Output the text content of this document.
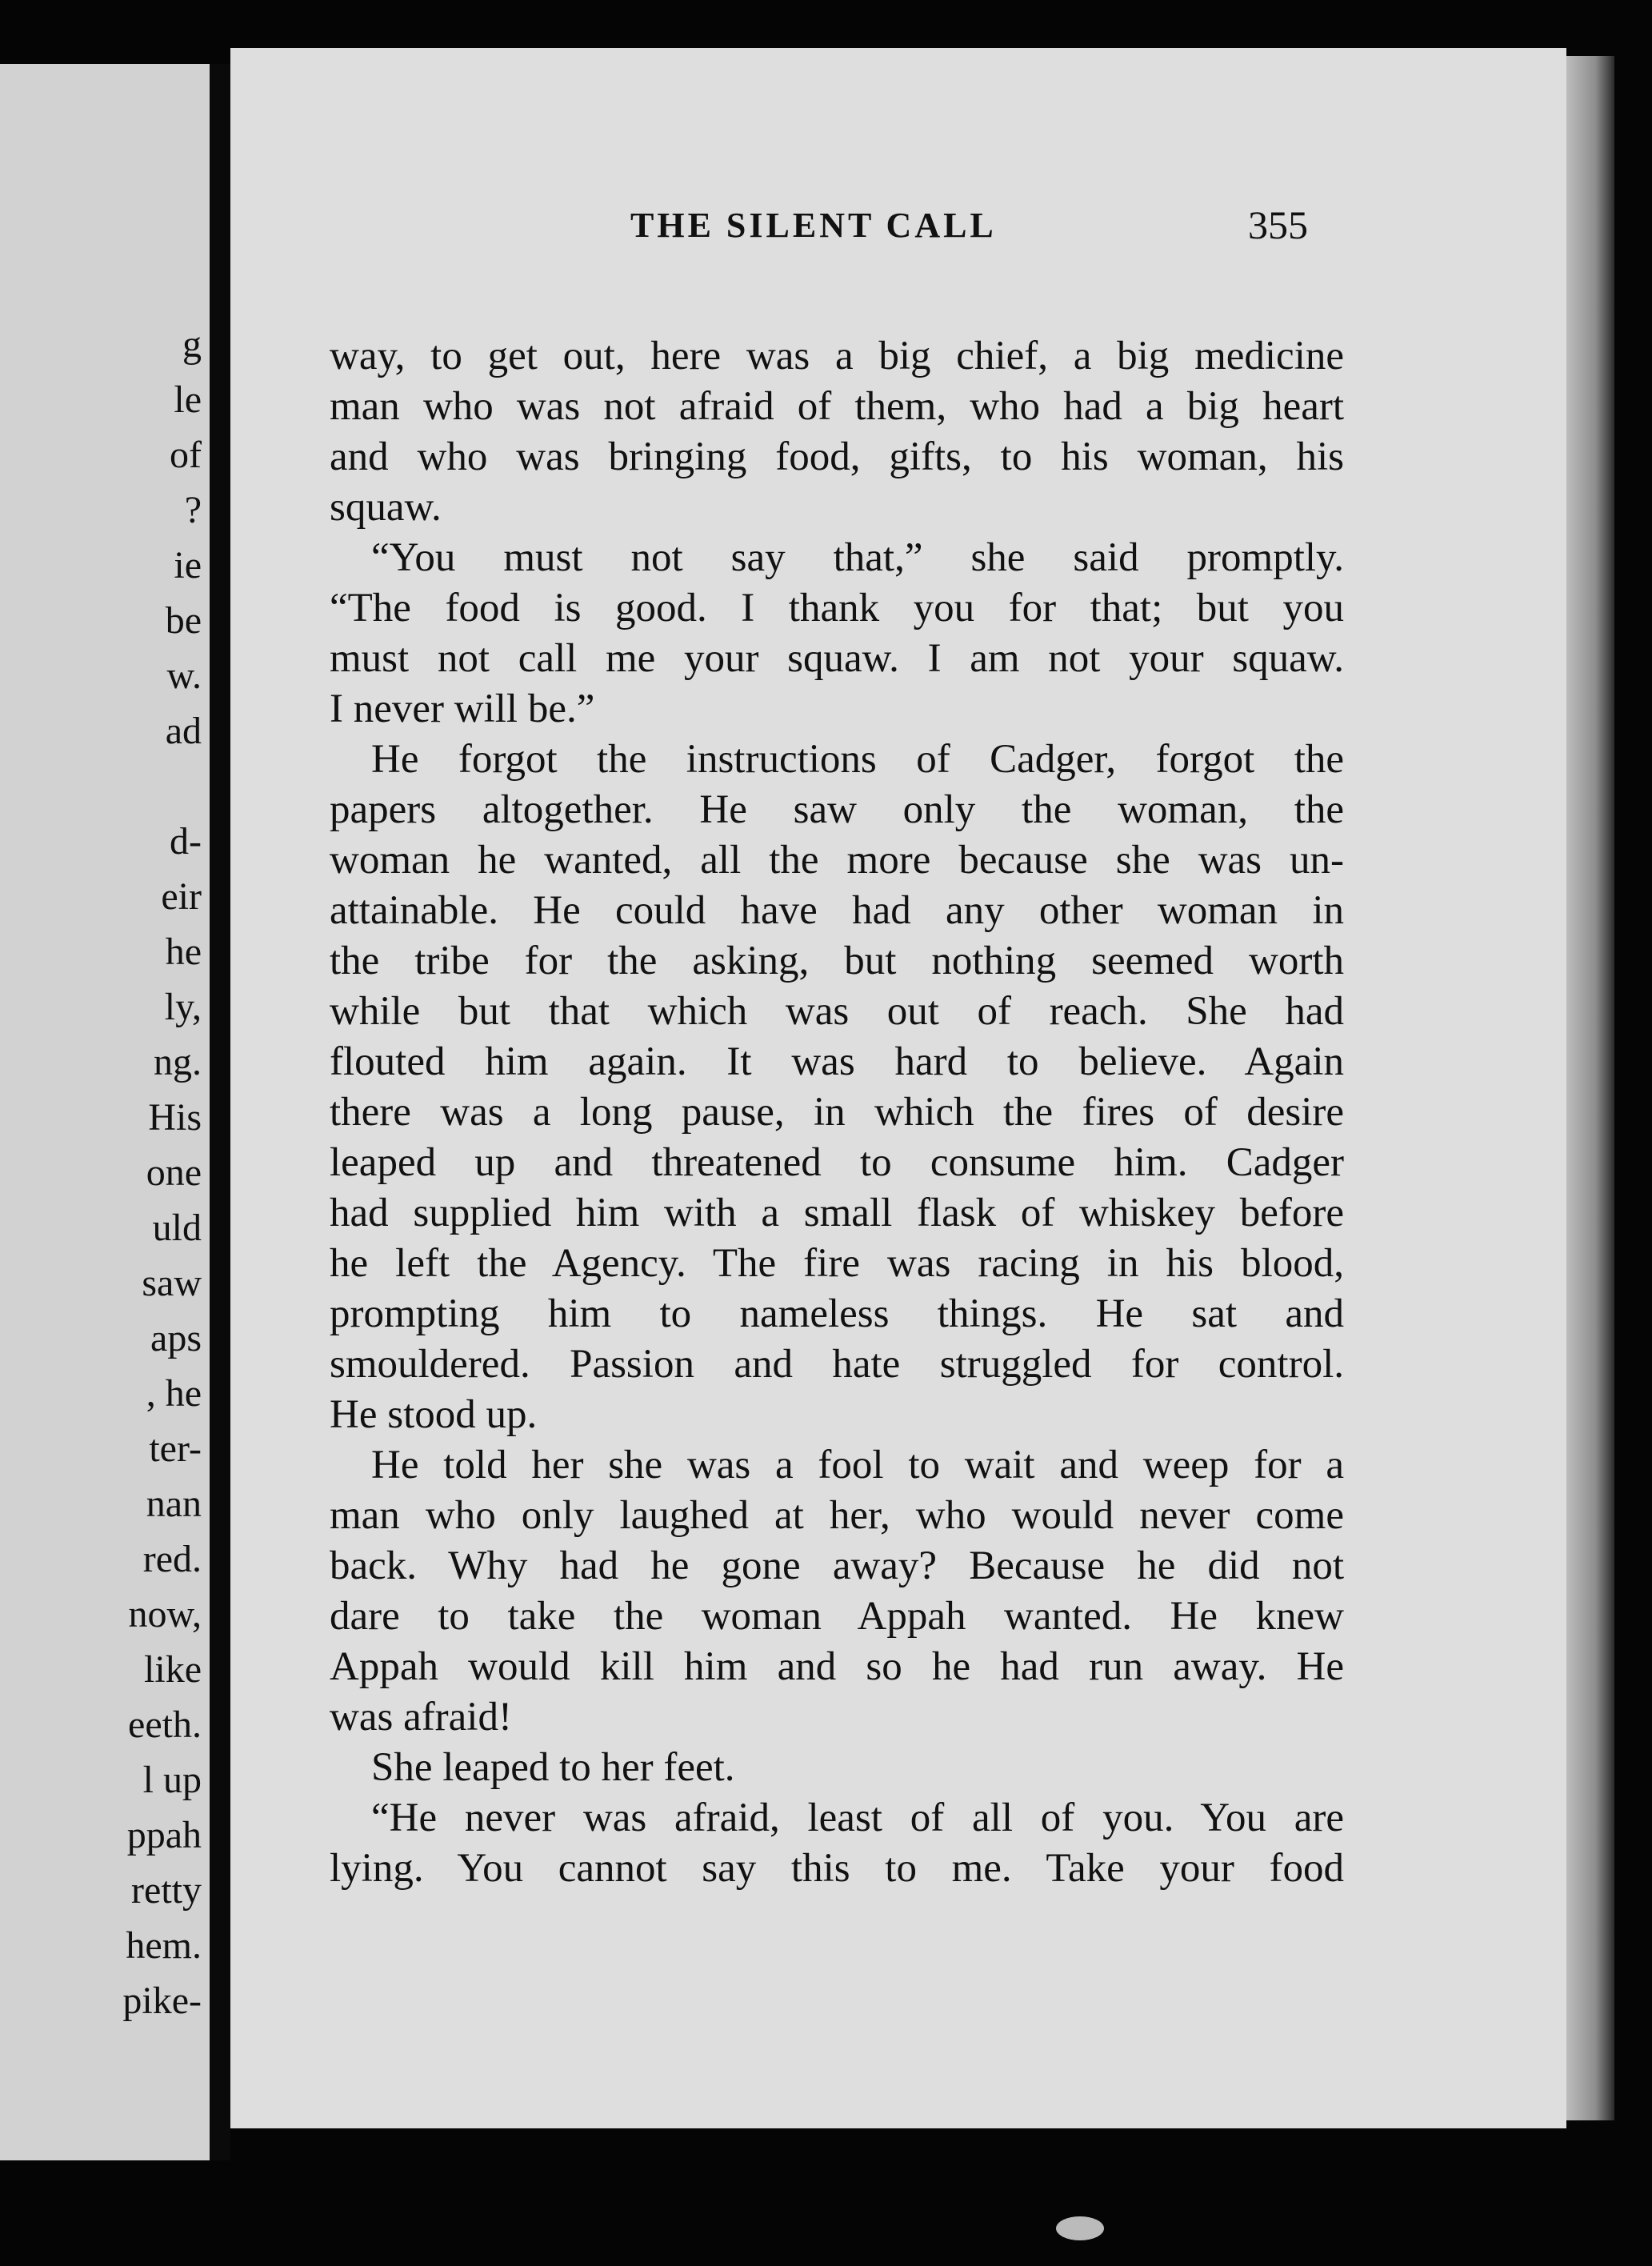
g
le
of
?
ie
be
w.
ad
d-
eir
he
ly,
ng.
His
one
uld
saw
aps
, he
ter-
nan
red.
now,
like
eeth.
l up
ppah
retty
hem.
pike-
THE SILENT CALL	355
way, to get out, here was a big chief, a big medicine
man who was not afraid of them, who had a big heart
and who was bringing food, gifts, to his woman, his
squaw.
“You must not say that,” she said promptly.
“The food is good. I thank you for that; but you
must not call me your squaw. I am not your squaw.
I never will be.”
He forgot the instructions of Cadger, forgot the
papers altogether. He saw only the woman, the
woman he wanted, all the more because she was un-
attainable. He could have had any other woman in
the tribe for the asking, but nothing seemed worth
while but that which was out of reach. She had
flouted him again. It was hard to believe. Again
there was a long pause, in which the fires of desire
leaped up and threatened to consume him. Cadger
had supplied him with a small flask of whiskey before
he left the Agency. The fire was racing in his blood,
prompting him to nameless things. He sat and
smouldered. Passion and hate struggled for control.
He stood up.
He told her she was a fool to wait and weep for a
man who only laughed at her, who would never come
back. Why had he gone away? Because he did not
dare to take the woman Appah wanted. He knew
Appah would kill him and so he had run away. He
was afraid!
She leaped to her feet.
“He never was afraid, least of all of you. You are
lying. You cannot say this to me. Take your food
